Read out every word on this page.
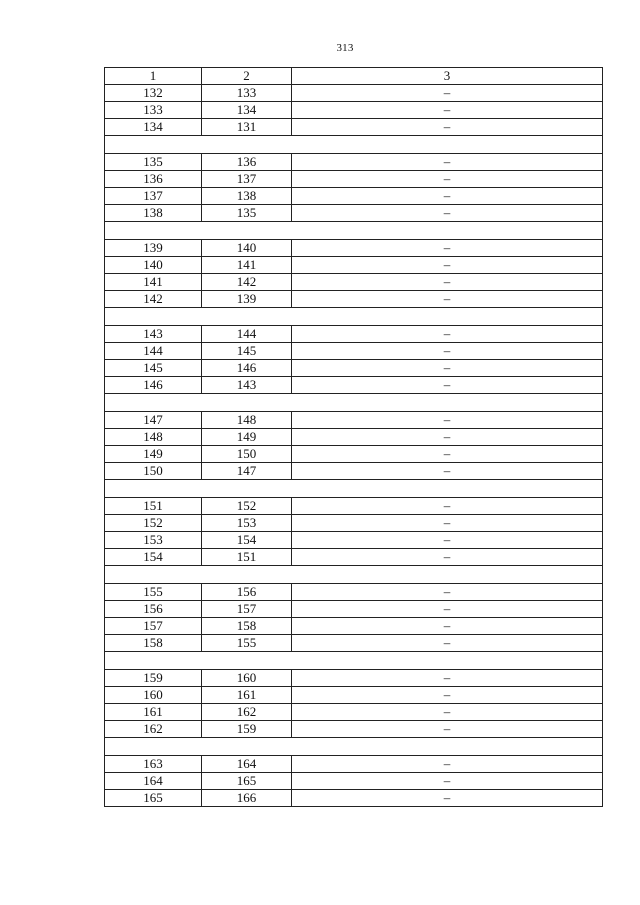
313
1	2	3
132	133	–
133	134	–
134	131	–

135	136	–
136	137	–
137	138	–
138	135	–

139	140	–
140	141	–
141	142	–
142	139	–

143	144	–
144	145	–
145	146	–
146	143	–

147	148	–
148	149	–
149	150	–
150	147	–

151	152	–
152	153	–
153	154	–
154	151	–

155	156	–
156	157	–
157	158	–
158	155	–

159	160	–
160	161	–
161	162	–
162	159	–

163	164	–
164	165	–
165	166	–
